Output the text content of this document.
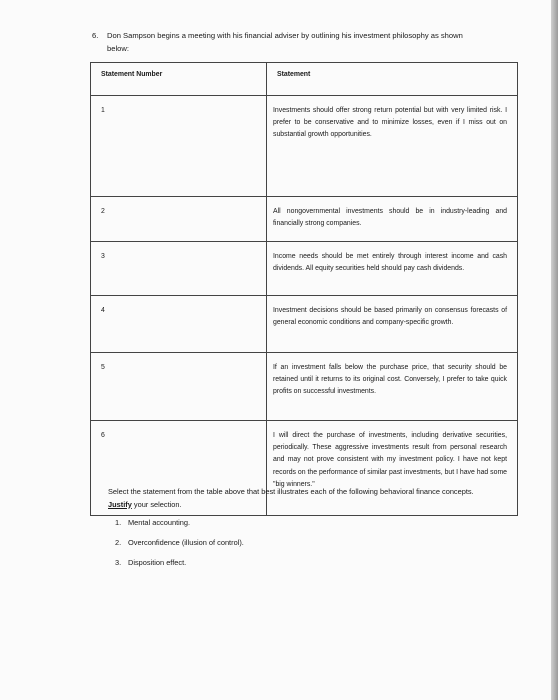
6. Don Sampson begins a meeting with his financial adviser by outlining his investment philosophy as shown below:
Statement Number	Statement
1	Investments should offer strong return potential but with very limited risk. I prefer to be conservative and to minimize losses, even if I miss out on substantial growth opportunities.
2	All nongovernmental investments should be in industry-leading and financially strong companies.
3	Income needs should be met entirely through interest income and cash dividends. All equity securities held should pay cash dividends.
4	Investment decisions should be based primarily on consensus forecasts of general economic conditions and company-specific growth.
5	If an investment falls below the purchase price, that security should be retained until it returns to its original cost. Conversely, I prefer to take quick profits on successful investments.
6	I will direct the purchase of investments, including derivative securities, periodically. These aggressive investments result from personal research and may not prove consistent with my investment policy. I have not kept records on the performance of similar past investments, but I have had some "big winners."
Select the statement from the table above that best illustrates each of the following behavioral finance concepts. Justify your selection.
1. Mental accounting.
2. Overconfidence (illusion of control).
3. Disposition effect.
